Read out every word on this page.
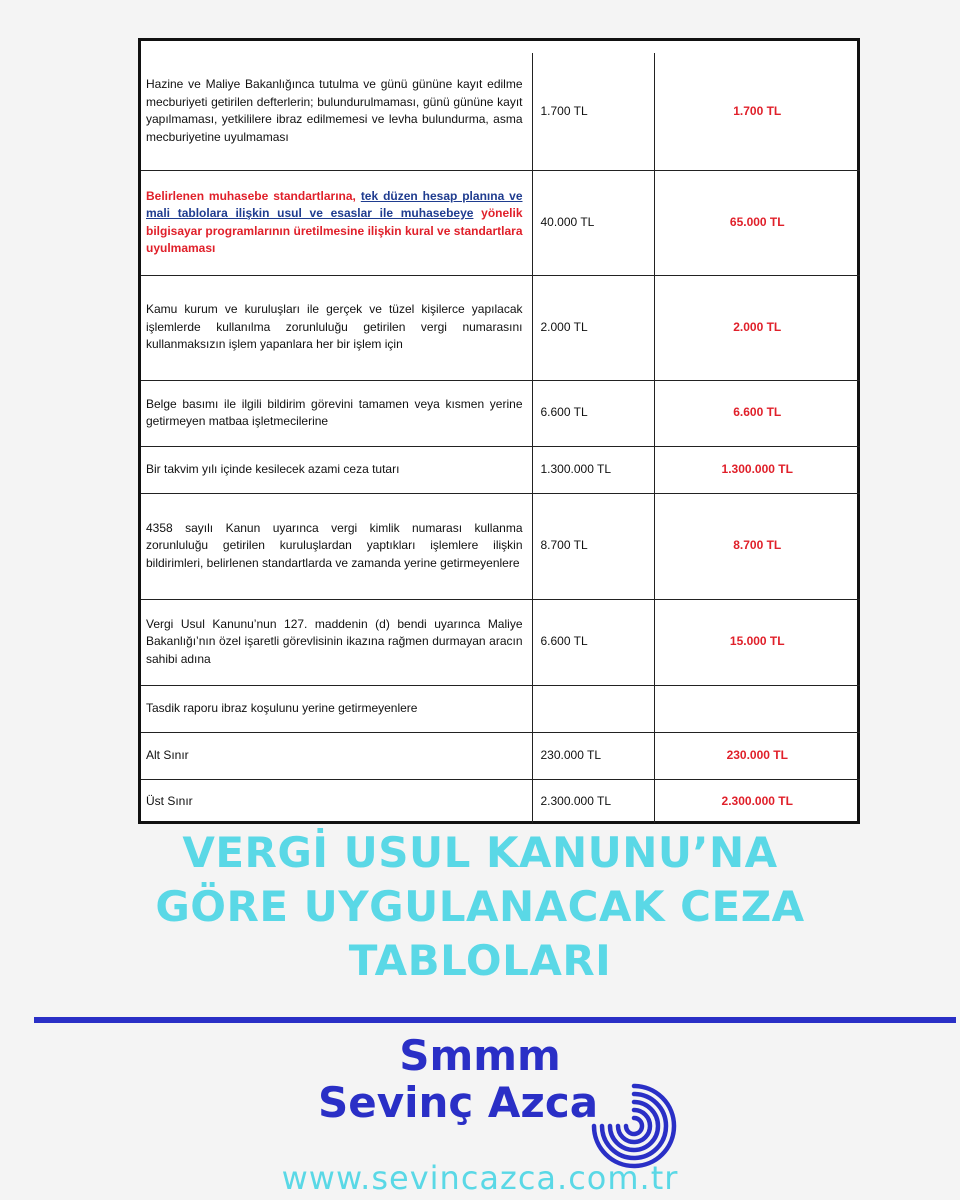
Hazine ve Maliye Bakanlığınca tutulma ve günü gününe kayıt edilme mecburiyeti getirilen defterlerin; bulundurulmaması, günü gününe kayıt yapılmaması, yetkililere ibraz edilmemesi ve levha bulundurma, asma mecburiyetine uyulmaması	1.700 TL	1.700 TL
Belirlenen muhasebe standartlarına, tek düzen hesap planına ve mali tablolara ilişkin usul ve esaslar ile muhasebeye yönelik bilgisayar programlarının üretilmesine ilişkin kural ve standartlara uyulmaması	40.000 TL	65.000 TL
Kamu kurum ve kuruluşları ile gerçek ve tüzel kişilerce yapılacak işlemlerde kullanılma zorunluluğu getirilen vergi numarasını kullanmaksızın işlem yapanlara her bir işlem için	2.000 TL	2.000 TL
Belge basımı ile ilgili bildirim görevini tamamen veya kısmen yerine getirmeyen matbaa işletmecilerine	6.600 TL	6.600 TL
Bir takvim yılı içinde kesilecek azami ceza tutarı	1.300.000 TL	1.300.000 TL
4358 sayılı Kanun uyarınca vergi kimlik numarası kullanma zorunluluğu getirilen kuruluşlardan yaptıkları işlemlere ilişkin bildirimleri, belirlenen standartlarda ve zamanda yerine getirmeyenlere	8.700 TL	8.700 TL
Vergi Usul Kanunu’nun 127. maddenin (d) bendi uyarınca Maliye Bakanlığı’nın özel işaretli görevlisinin ikazına rağmen durmayan aracın sahibi adına	6.600 TL	15.000 TL
Tasdik raporu ibraz koşulunu yerine getirmeyenlere		
Alt Sınır	230.000 TL	230.000 TL
Üst Sınır	2.300.000 TL	2.300.000 TL
VERGİ USUL KANUNU’NA
GÖRE UYGULANACAK CEZA
TABLOLARI
Smmm
Sevinç Azca
www.sevincazca.com.tr
